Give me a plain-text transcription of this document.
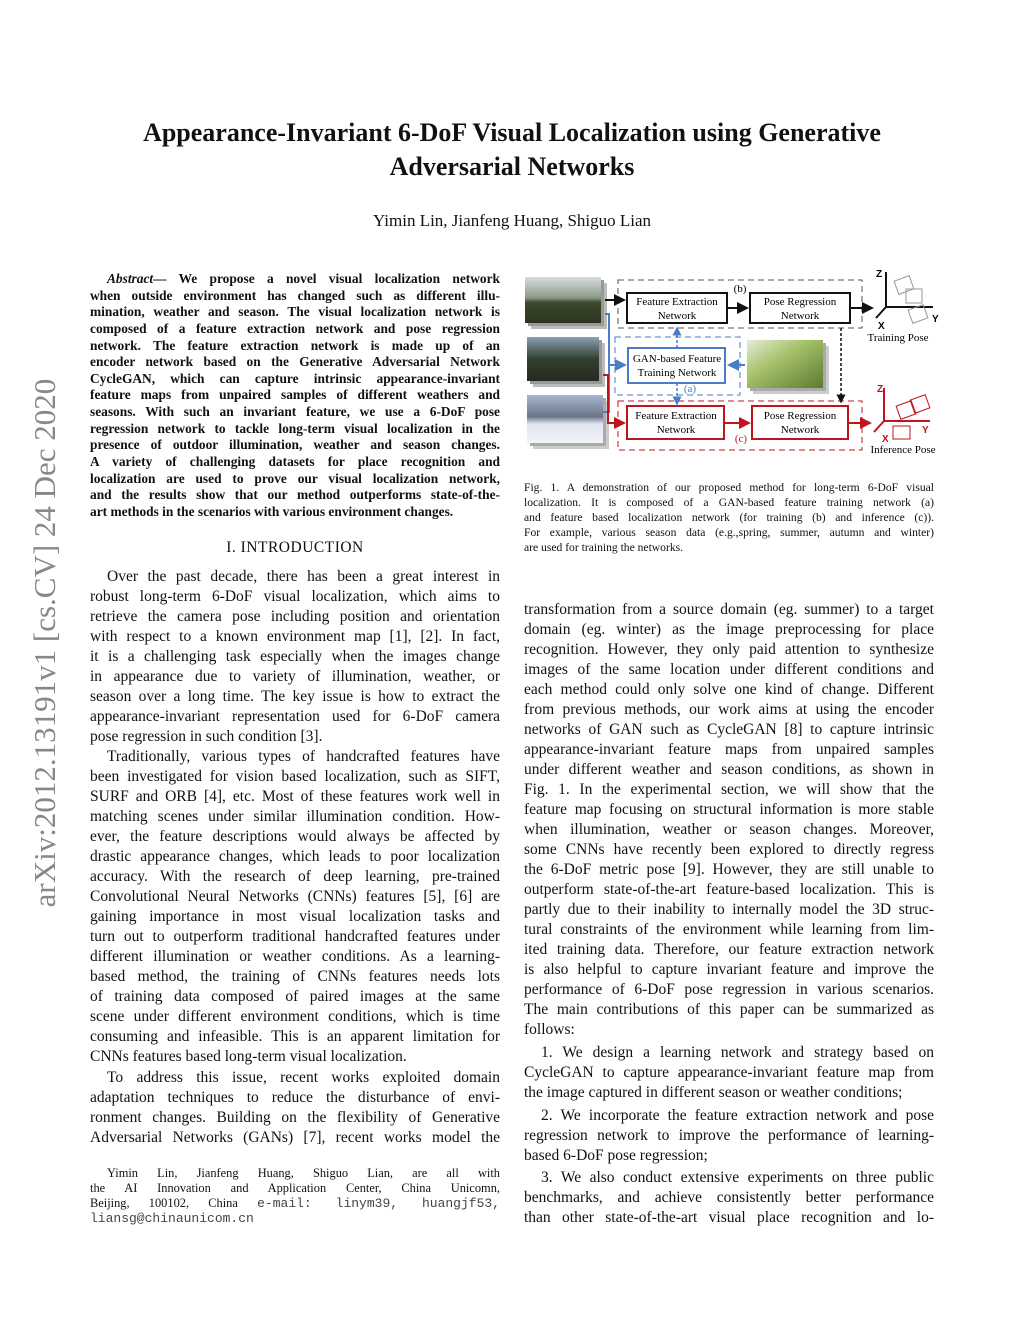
arXiv:2012.13191v1 [cs.CV] 24 Dec 2020
Appearance-Invariant 6-DoF Visual Localization using Generative
Adversarial Networks
Yimin Lin, Jianfeng Huang, Shiguo Lian
Abstract— We propose a novel visual localization network
when outside environment has changed such as different illu-
mination, weather and season. The visual localization network is
composed of a feature extraction network and pose regression
network. The feature extraction network is made up of an
encoder network based on the Generative Adversarial Network
CycleGAN, which can capture intrinsic appearance-invariant
feature maps from unpaired samples of different weathers and
seasons. With such an invariant feature, we use a 6-DoF pose
regression network to tackle long-term visual localization in the
presence of outdoor illumination, weather and season changes.
A variety of challenging datasets for place recognition and
localization are used to prove our visual localization network,
and the results show that our method outperforms state-of-the-
art methods in the scenarios with various environment changes.
I. INTRODUCTION
Over the past decade, there has been a great interest in
robust long-term 6-DoF visual localization, which aims to
retrieve the camera pose including position and orientation
with respect to a known environment map [1], [2]. In fact,
it is a challenging task especially when the images change
in appearance due to variety of illumination, weather, or
season over a long time. The key issue is how to extract the
appearance-invariant representation used for 6-DoF camera
pose regression in such condition [3].
Traditionally, various types of handcrafted features have
been investigated for vision based localization, such as SIFT,
SURF and ORB [4], etc. Most of these features work well in
matching scenes under similar illumination condition. How-
ever, the feature descriptions would always be affected by
drastic appearance changes, which leads to poor localization
accuracy. With the research of deep learning, pre-trained
Convolutional Neural Networks (CNNs) features [5], [6] are
gaining importance in most visual localization tasks and
turn out to outperform traditional handcrafted features under
different illumination or weather conditions. As a learning-
based method, the training of CNNs features needs lots
of training data composed of paired images at the same
scene under different environment conditions, which is time
consuming and infeasible. This is an apparent limitation for
CNNs features based long-term visual localization.
To address this issue, recent works exploited domain
adaptation techniques to reduce the disturbance of envi-
ronment changes. Building on the flexibility of Generative
Adversarial Networks (GANs) [7], recent works model the
Yimin Lin, Jianfeng Huang, Shiguo Lian, are all with
the AI Innovation and Application Center, China Unicomn,
Beijing, 100102, China e-mail: linym39, huangjf53,
liansg@chinaunicom.cn
Feature Extraction
Network
Pose Regression
Network
GAN-based Feature
Training Network
Feature Extraction
Network
Pose Regression
Network
(b)
(a)
(c)
Z
Y
X
Training Pose
Z
Y
X
Inference Pose
Fig. 1. A demonstration of our proposed method for long-term 6-DoF visual
localization. It is composed of a GAN-based feature training network (a)
and feature based localization network (for training (b) and inference (c)).
For example, various season data (e.g.,spring, summer, autumn and winter)
are used for training the networks.
transformation from a source domain (eg. summer) to a target
domain (eg. winter) as the image preprocessing for place
recognition. However, they only paid attention to synthesize
images of the same location under different conditions and
each method could only solve one kind of change. Different
from previous methods, our work aims at using the encoder
networks of GAN such as CycleGAN [8] to capture intrinsic
appearance-invariant feature maps from unpaired samples
under different weather and season conditions, as shown in
Fig. 1. In the experimental section, we will show that the
feature map focusing on structural information is more stable
when illumination, weather or season changes. Moreover,
some CNNs have recently been explored to directly regress
the 6-DoF metric pose [9]. However, they are still unable to
outperform state-of-the-art feature-based localization. This is
partly due to their inability to internally model the 3D struc-
tural constraints of the environment while learning from lim-
ited training data. Therefore, our feature extraction network
is also helpful to capture invariant feature and improve the
performance of 6-DoF pose regression in various scenarios.
The main contributions of this paper can be summarized as
follows:
1. We design a learning network and strategy based on
CycleGAN to capture appearance-invariant feature map from
the image captured in different season or weather conditions;
2. We incorporate the feature extraction network and pose
regression network to improve the performance of learning-
based 6-DoF pose regression;
3. We also conduct extensive experiments on three public
benchmarks, and achieve consistently better performance
than other state-of-the-art visual place recognition and lo-
